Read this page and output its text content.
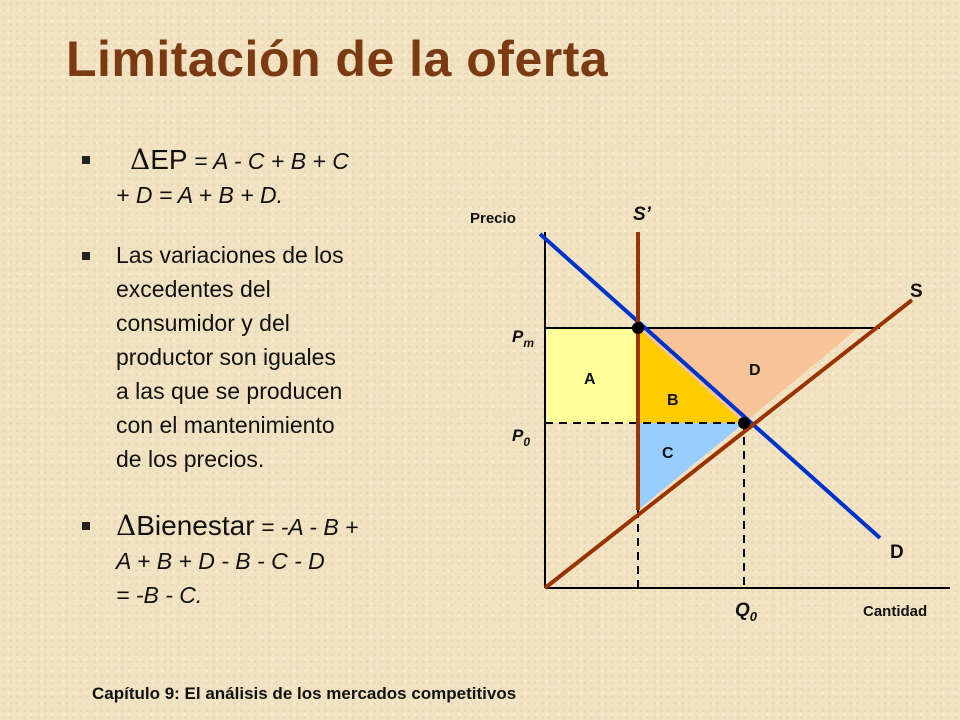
Limitación de la oferta
ΔEP = A - C + B + C
+ D = A + B + D.
Las variaciones de los
excedentes del
consumidor y del
productor son iguales
a las que se producen
con el mantenimiento
de los precios.
ΔBienestar = -A - B +
A + B + D - B - C - D
= -B - C.
Precio
Cantidad
S’
S
D
$P_m$
$P_0$
$Q_0$
A
B
C
D
Capítulo 9: El análisis de los mercados competitivos
